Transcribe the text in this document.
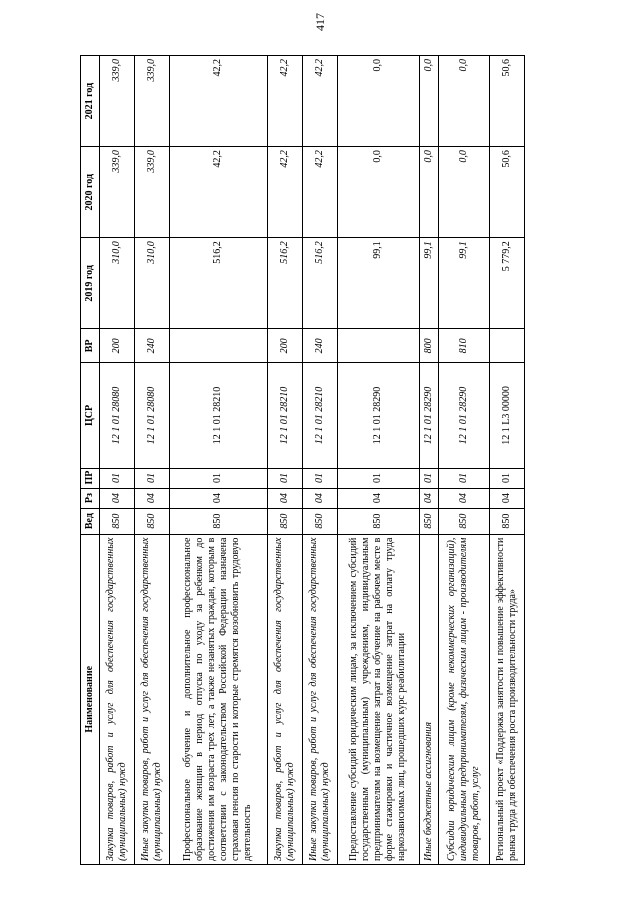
417
Наименование	Вед	Рз	ПР	ЦСР	ВР	2019 год	2020 год	2021 год
Закупка товаров, работ и услуг для обеспечения государственных (муниципальных) нужд	850	04	01	12 1 01 28080	200	310,0	339,0	339,0
Иные закупки товаров, работ и услуг для обеспечения государственных (муниципальных) нужд	850	04	01	12 1 01 28080	240	310,0	339,0	339,0
Профессиональное обучение и дополнительное профессиональное образование женщин в период отпуска по уходу за ребенком до достижения им возраста трех лет, а также незанятых граждан, которым в соответствии с законодательством Российской Федерации назначена страховая пенсия по старости и которые стремятся возобновить трудовую деятельность	850	04	01	12 1 01 28210		516,2	42,2	42,2
Закупка товаров, работ и услуг для обеспечения государственных (муниципальных) нужд	850	04	01	12 1 01 28210	200	516,2	42,2	42,2
Иные закупки товаров, работ и услуг для обеспечения государственных (муниципальных) нужд	850	04	01	12 1 01 28210	240	516,2	42,2	42,2
Предоставление субсидий юридическим лицам, за исключением субсидий государственным (муниципальным) учреждениям, индивидуальным предпринимателям на возмещение затрат на обучение на рабочем месте в форме стажировки и частичное возмещение затрат на оплату труда наркозависимых лиц, прошедших курс реабилитации	850	04	01	12 1 01 28290		99,1	0,0	0,0
Иные бюджетные ассигнования	850	04	01	12 1 01 28290	800	99,1	0,0	0,0
Субсидии юридическим лицам (кроме некоммерческих организаций), индивидуальным предпринимателям, физическим лицам - производителям товаров, работ, услуг	850	04	01	12 1 01 28290	810	99,1	0,0	0,0
Региональный проект «Поддержка занятости и повышение эффективности рынка труда для обеспечения роста производительности труда»	850	04	01	12 1 L3 00000		5 779,2	50,6	50,6
